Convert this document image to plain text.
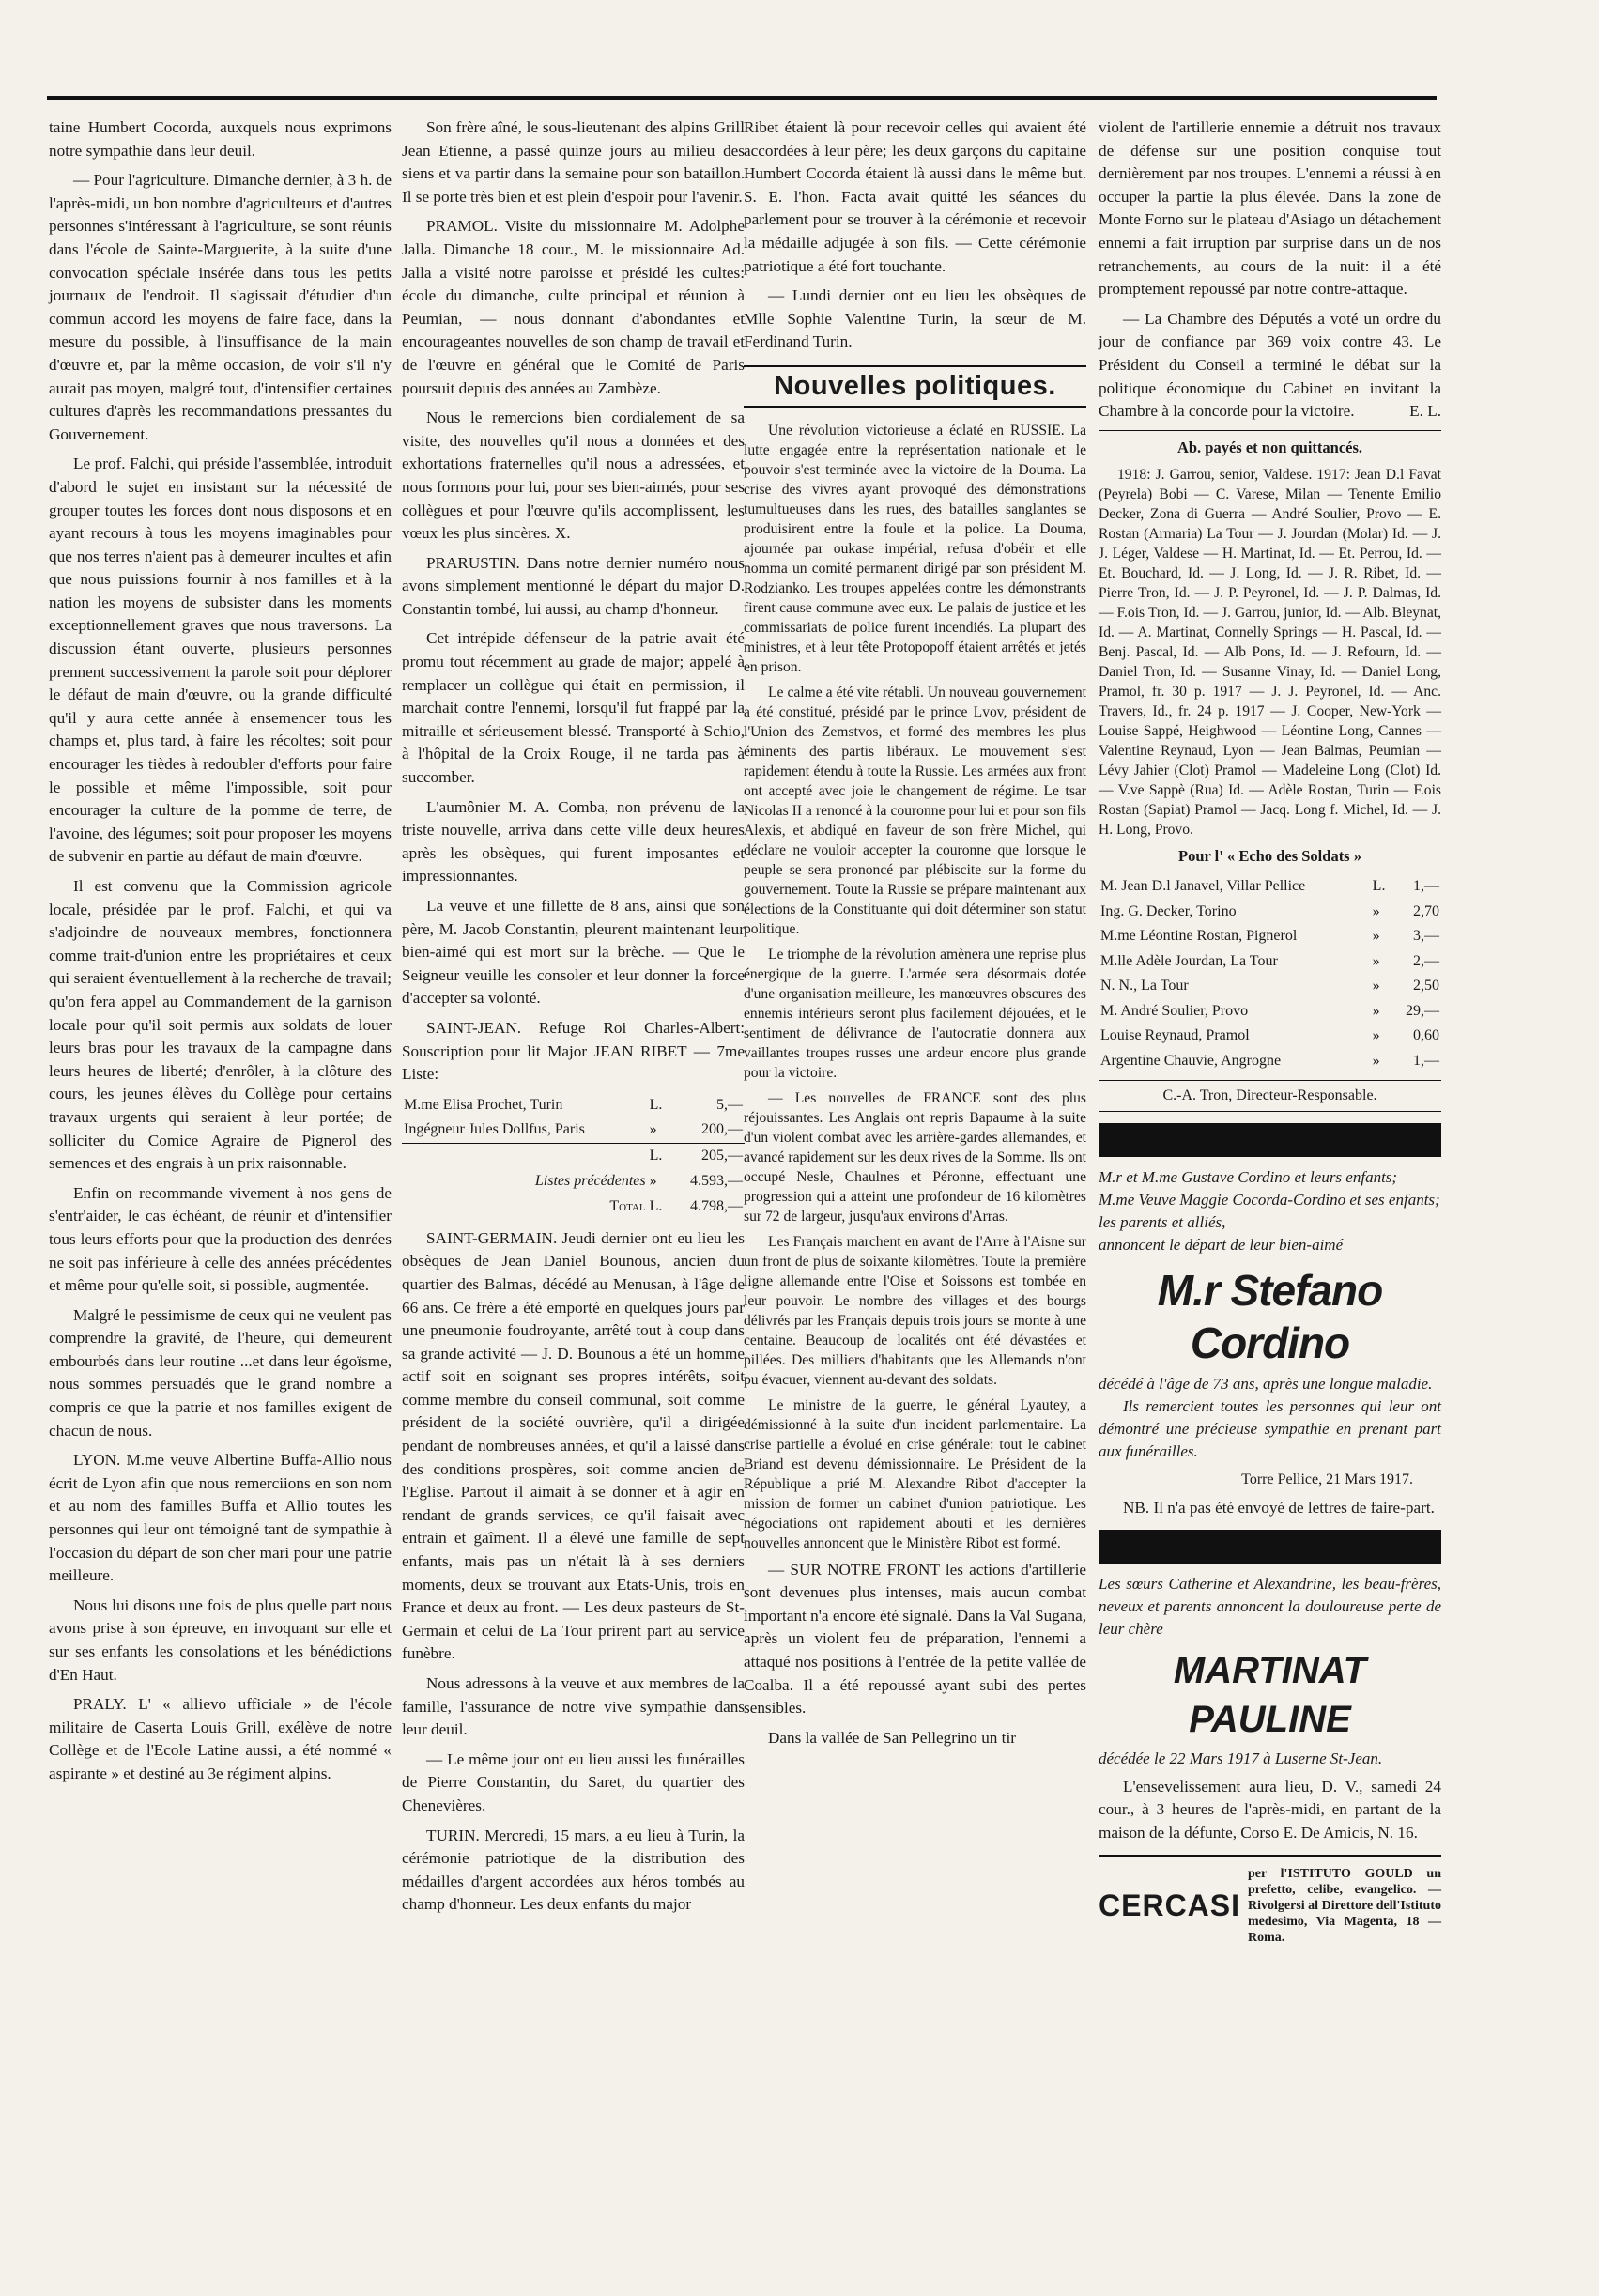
taine Humbert Cocorda, auxquels nous exprimons notre sympathie dans leur deuil.

— Pour l'agriculture. Dimanche dernier, à 3 h. de l'après-midi, un bon nombre d'agriculteurs et d'autres personnes s'intéressant à l'agriculture, se sont réunis dans l'école de Sainte-Marguerite, à la suite d'une convocation spéciale insérée dans tous les petits journaux de l'endroit. Il s'agissait d'étudier d'un commun accord les moyens de faire face, dans la mesure du possible, à l'insuffisance de la main d'œuvre et, par la même occasion, de voir s'il n'y aurait pas moyen, malgré tout, d'intensifier certaines cultures d'après les recommandations pressantes du Gouvernement.

Le prof. Falchi, qui préside l'assemblée, introduit d'abord le sujet en insistant sur la nécessité de grouper toutes les forces dont nous disposons et en ayant recours à tous les moyens imaginables pour que nos terres n'aient pas à demeurer incultes et afin que nous puissions fournir à nos familles et à la nation les moyens de subsister dans les moments exceptionnellement graves que nous traversons. La discussion étant ouverte, plusieurs personnes prennent successivement la parole soit pour déplorer le défaut de main d'œuvre, ou la grande difficulté qu'il y aura cette année à ensemencer tous les champs et, plus tard, à faire les récoltes; soit pour encourager les tièdes à redoubler d'efforts pour faire le possible et même l'impossible, soit pour encourager la culture de la pomme de terre, de l'avoine, des légumes; soit pour proposer les moyens de subvenir en partie au défaut de main d'œuvre.

Il est convenu que la Commission agricole locale, présidée par le prof. Falchi, et qui va s'adjoindre de nouveaux membres, fonctionnera comme trait-d'union entre les propriétaires et ceux qui seraient éventuellement à la recherche de travail; qu'on fera appel au Commandement de la garnison locale pour qu'il soit permis aux soldats de louer leurs bras pour les travaux de la campagne dans leurs heures de liberté; d'enrôler, à la clôture des cours, les jeunes élèves du Collège pour certains travaux urgents qui seraient à leur portée; de solliciter du Comice Agraire de Pignerol des semences et des engrais à un prix raisonnable.

Enfin on recommande vivement à nos gens de s'entr'aider, le cas échéant, de réunir et d'intensifier tous leurs efforts pour que la production des denrées ne soit pas inférieure à celle des années précédentes et même pour qu'elle soit, si possible, augmentée.

Malgré le pessimisme de ceux qui ne veulent pas comprendre la gravité, de l'heure, qui demeurent embourbés dans leur routine ...et dans leur égoïsme, nous sommes persuadés que le grand nombre a compris ce que la patrie et nos familles exigent de chacun de nous.

LYON. M.me veuve Albertine Buffa-Allio nous écrit de Lyon afin que nous remerciions en son nom et au nom des familles Buffa et Allio toutes les personnes qui leur ont témoigné tant de sympathie à l'occasion du départ de son cher mari pour une patrie meilleure.

Nous lui disons une fois de plus quelle part nous avons prise à son épreuve, en invoquant sur elle et sur ses enfants les consolations et les bénédictions d'En Haut.

PRALY. L' « allievo ufficiale » de l'école militaire de Caserta Louis Grill, exélève de notre Collège et de l'Ecole Latine aussi, a été nommé « aspirante » et destiné au 3e régiment alpins.

Son frère aîné, le sous-lieutenant des alpins Grill Jean Etienne, a passé quinze jours au milieu des siens et va partir dans la semaine pour son bataillon. Il se porte très bien et est plein d'espoir pour l'avenir.

PRAMOL. Visite du missionnaire M. Adolphe Jalla. Dimanche 18 cour., M. le missionnaire Ad. Jalla a visité notre paroisse et présidé les cultes: école du dimanche, culte principal et réunion à Peumian, — nous donnant d'abondantes et encourageantes nouvelles de son champ de travail et de l'œuvre en général que le Comité de Paris poursuit depuis des années au Zambèze.

Nous le remercions bien cordialement de sa visite, des nouvelles qu'il nous a données et des exhortations fraternelles qu'il nous a adressées, et nous formons pour lui, pour ses bien-aimés, pour ses collègues et pour l'œuvre qu'ils accomplissent, les vœux les plus sincères. X.

PRARUSTIN. Dans notre dernier numéro nous avons simplement mentionné le départ du major D. Constantin tombé, lui aussi, au champ d'honneur.

Cet intrépide défenseur de la patrie avait été promu tout récemment au grade de major; appelé à remplacer un collègue qui était en permission, il marchait contre l'ennemi, lorsqu'il fut frappé par la mitraille et sérieusement blessé. Transporté à Schio, à l'hôpital de la Croix Rouge, il ne tarda pas à succomber.

L'aumônier M. A. Comba, non prévenu de la triste nouvelle, arriva dans cette ville deux heures après les obsèques, qui furent imposantes et impressionnantes.

La veuve et une fillette de 8 ans, ainsi que son père, M. Jacob Constantin, pleurent maintenant leur bien-aimé qui est mort sur la brèche. — Que le Seigneur veuille les consoler et leur donner la force d'accepter sa volonté.

SAINT-JEAN. Refuge Roi Charles-Albert: Souscription pour lit Major JEAN RIBET — 7me Liste:

M.me Elisa Prochet, Turin	L.	5,—
Ingégneur Jules Dollfus, Paris	»	200,—
	L.	205,—
Listes précédentes	»	4.593,—
Total	L.	4.798,—

SAINT-GERMAIN. Jeudi dernier ont eu lieu les obsèques de Jean Daniel Bounous, ancien du quartier des Balmas, décédé au Menusan, à l'âge de 66 ans. Ce frère a été emporté en quelques jours par une pneumonie foudroyante, arrêté tout à coup dans sa grande activité — J. D. Bounous a été un homme actif soit en soignant ses propres intérêts, soit comme membre du conseil communal, soit comme président de la société ouvrière, qu'il a dirigée pendant de nombreuses années, et qu'il a laissé dans des conditions prospères, soit comme ancien de l'Eglise. Partout il aimait à se donner et à agir en rendant de grands services, ce qu'il faisait avec entrain et gaîment. Il a élevé une famille de sept enfants, mais pas un n'était là à ses derniers moments, deux se trouvant aux Etats-Unis, trois en France et deux au front. — Les deux pasteurs de St-Germain et celui de La Tour prirent part au service funèbre.

Nous adressons à la veuve et aux membres de la famille, l'assurance de notre vive sympathie dans leur deuil.

— Le même jour ont eu lieu aussi les funérailles de Pierre Constantin, du Saret, du quartier des Chenevières.

TURIN. Mercredi, 15 mars, a eu lieu à Turin, la cérémonie patriotique de la distribution des médailles d'argent accordées aux héros tombés au champ d'honneur. Les deux enfants du major

Ribet étaient là pour recevoir celles qui avaient été accordées à leur père; les deux garçons du capitaine Humbert Cocorda étaient là aussi dans le même but. S. E. l'hon. Facta avait quitté les séances du parlement pour se trouver à la cérémonie et recevoir la médaille adjugée à son fils. — Cette cérémonie patriotique a été fort touchante.

— Lundi dernier ont eu lieu les obsèques de Mlle Sophie Valentine Turin, la sœur de M. Ferdinand Turin.

Nouvelles politiques.

Une révolution victorieuse a éclaté en RUSSIE. La lutte engagée entre la représentation nationale et le pouvoir s'est terminée avec la victoire de la Douma. La crise des vivres ayant provoqué des démonstrations tumultueuses dans les rues, des batailles sanglantes se produisirent entre la foule et la police. La Douma, ajournée par oukase impérial, refusa d'obéir et elle nomma un comité permanent dirigé par son président M. Rodzianko. Les troupes appelées contre les démonstrants firent cause commune avec eux. Le palais de justice et les commissariats de police furent incendiés. La plupart des ministres, et à leur tête Protopopoff étaient arrêtés et jetés en prison.

Le calme a été vite rétabli. Un nouveau gouvernement a été constitué, présidé par le prince Lvov, président de l'Union des Zemstvos, et formé des membres les plus éminents des partis libéraux. Le mouvement s'est rapidement étendu à toute la Russie. Les armées aux front ont accepté avec joie le changement de régime. Le tsar Nicolas II a renoncé à la couronne pour lui et pour son fils Alexis, et abdiqué en faveur de son frère Michel, qui déclare ne vouloir accepter la couronne que lorsque le peuple se sera prononcé par plébiscite sur la forme du gouvernement. Toute la Russie se prépare maintenant aux élections de la Constituante qui doit déterminer son statut politique.

Le triomphe de la révolution amènera une reprise plus énergique de la guerre. L'armée sera désormais dotée d'une organisation meilleure, les manœuvres obscures des ennemis intérieurs seront plus facilement déjouées, et le sentiment de délivrance de l'autocratie donnera aux vaillantes troupes russes une ardeur encore plus grande pour la victoire.

— Les nouvelles de FRANCE sont des plus réjouissantes. Les Anglais ont repris Bapaume à la suite d'un violent combat avec les arrière-gardes allemandes, et avancé rapidement sur les deux rives de la Somme. Ils ont occupé Nesle, Chaulnes et Péronne, effectuant une progression qui a atteint une profondeur de 16 kilomètres sur 72 de largeur, jusqu'aux environs d'Arras.

Les Français marchent en avant de l'Arre à l'Aisne sur un front de plus de soixante kilomètres. Toute la première ligne allemande entre l'Oise et Soissons est tombée en leur pouvoir. Le nombre des villages et des bourgs délivrés par les Français depuis trois jours se monte à une centaine. Beaucoup de localités ont été dévastées et pillées. Des milliers d'habitants que les Allemands n'ont pu évacuer, viennent au-devant des soldats.

Le ministre de la guerre, le général Lyautey, a démissionné à la suite d'un incident parlementaire. La crise partielle a évolué en crise générale: tout le cabinet Briand est devenu démissionnaire. Le Président de la République a prié M. Alexandre Ribot d'accepter la mission de former un cabinet d'union patriotique. Les négociations ont rapidement abouti et les dernières nouvelles annoncent que le Ministère Ribot est formé.

— SUR NOTRE FRONT les actions d'artillerie sont devenues plus intenses, mais aucun combat important n'a encore été signalé. Dans la Val Sugana, après un violent feu de préparation, l'ennemi a attaqué nos positions à l'entrée de la petite vallée de Coalba. Il a été repoussé ayant subi des pertes sensibles.

Dans la vallée de San Pellegrino un tir

violent de l'artillerie ennemie a détruit nos travaux de défense sur une position conquise tout dernièrement par nos troupes. L'ennemi a réussi à en occuper la partie la plus élevée. Dans la zone de Monte Forno sur le plateau d'Asiago un détachement ennemi a fait irruption par surprise dans un de nos retranchements, au cours de la nuit: il a été promptement repoussé par notre contre-attaque.

— La Chambre des Députés a voté un ordre du jour de confiance par 369 voix contre 43. Le Président du Conseil a terminé le débat sur la politique économique du Cabinet en invitant la Chambre à la concorde pour la victoire.	E. L.

Ab. payés et non quittancés.

1918: J. Garrou, senior, Valdese. 1917: Jean D.l Favat (Peyrela) Bobi — C. Varese, Milan — Tenente Emilio Decker, Zona di Guerra — André Soulier, Provo — E. Rostan (Armaria) La Tour — J. Jourdan (Molar) Id. — J. J. Léger, Valdese — H. Martinat, Id. — Et. Perrou, Id. — Et. Bouchard, Id. — J. Long, Id. — J. R. Ribet, Id. — Pierre Tron, Id. — J. P. Peyronel, Id. — J. P. Dalmas, Id. — F.ois Tron, Id. — J. Garrou, junior, Id. — Alb. Bleynat, Id. — A. Martinat, Connelly Springs — H. Pascal, Id. — Benj. Pascal, Id. — Alb Pons, Id. — J. Refourn, Id. — Daniel Tron, Id. — Susanne Vinay, Id. — Daniel Long, Pramol, fr. 30 p. 1917 — J. J. Peyronel, Id. — Anc. Travers, Id., fr. 24 p. 1917 — J. Cooper, New-York — Louise Sappé, Heighwood — Léontine Long, Cannes — Valentine Reynaud, Lyon — Jean Balmas, Peumian — Lévy Jahier (Clot) Pramol — Madeleine Long (Clot) Id. — V.ve Sappè (Rua) Id. — Adèle Rostan, Turin — F.ois Rostan (Sapiat) Pramol — Jacq. Long f. Michel, Id. — J. H. Long, Provo.

Pour l' « Echo des Soldats »
M. Jean D.l Janavel, Villar Pellice	L.	1,—
Ing. G. Decker, Torino	»	2,70
M.me Léontine Rostan, Pignerol	»	3,—
M.lle Adèle Jourdan, La Tour	»	2,—
N. N., La Tour	»	2,50
M. André Soulier, Provo	»	29,—
Louise Reynaud, Pramol	»	0,60
Argentine Chauvie, Angrogne	»	1,—
C.-A. Tron, Directeur-Responsable.

M.r et M.me Gustave Cordino et leurs enfants;

M.me Veuve Maggie Cocorda-Cordino et ses enfants;

les parents et alliés,

annoncent le départ de leur bien-aimé

M.r Stefano Cordino

décédé à l'âge de 73 ans, après une longue maladie.

Ils remercient toutes les personnes qui leur ont démontré une précieuse sympathie en prenant part aux funérailles.

Torre Pellice, 21 Mars 1917.

NB. Il n'a pas été envoyé de lettres de faire-part.

Les sœurs Catherine et Alexandrine, les beau-frères, neveux et parents annoncent la douloureuse perte de leur chère

MARTINAT PAULINE

décédée le 22 Mars 1917 à Luserne St-Jean.

L'ensevelissement aura lieu, D. V., samedi 24 cour., à 3 heures de l'après-midi, en partant de la maison de la défunte, Corso E. De Amicis, N. 16.

CERCASI
per l'ISTITUTO GOULD un prefetto, celibe, evangelico. — Rivolgersi al Direttore dell'Istituto medesimo, Via Magenta, 18 — Roma.
